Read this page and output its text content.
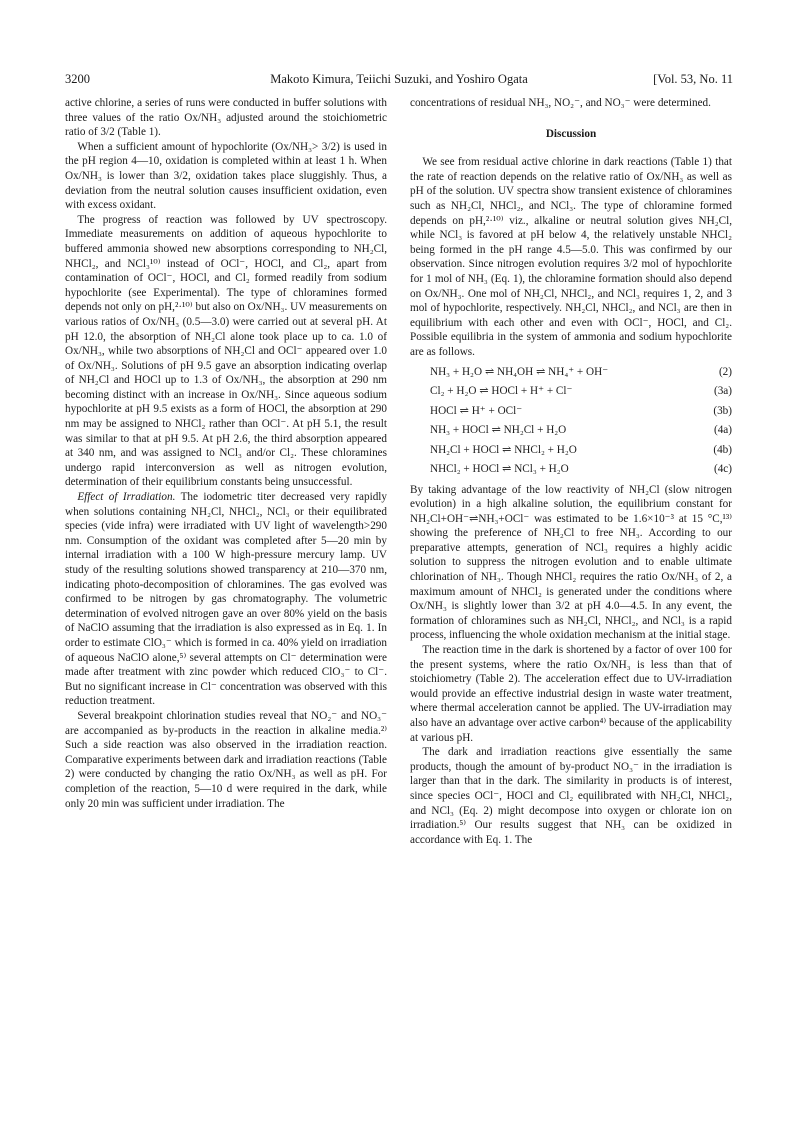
3200	Makoto Kimura, Teiichi Suzuki, and Yoshiro Ogata	[Vol. 53, No. 11

active chlorine, a series of runs were conducted in buffer solutions with three values of the ratio Ox/NH₃ adjusted around the stoichiometric ratio of 3/2 (Table 1).

When a sufficient amount of hypochlorite (Ox/NH₃> 3/2) is used in the pH region 4—10, oxidation is completed within at least 1 h. When Ox/NH₃ is lower than 3/2, oxidation takes place sluggishly. Thus, a deviation from the neutral solution causes insufficient oxidation, even with excess oxidant.

The progress of reaction was followed by UV spectroscopy. Immediate measurements on addition of aqueous hypochlorite to buffered ammonia showed new absorptions corresponding to NH₂Cl, NHCl₂, and NCl₃¹⁰⁾ instead of OCl⁻, HOCl, and Cl₂, apart from contamination of OCl⁻, HOCl, and Cl₂ formed readily from sodium hypochlorite (see Experimental). The type of chloramines formed depends not only on pH,²·¹⁰⁾ but also on Ox/NH₃. UV measurements on various ratios of Ox/NH₃ (0.5—3.0) were carried out at several pH. At pH 12.0, the absorption of NH₂Cl alone took place up to ca. 1.0 of Ox/NH₃, while two absorptions of NH₂Cl and OCl⁻ appeared over 1.0 of Ox/NH₃. Solutions of pH 9.5 gave an absorption indicating overlap of NH₂Cl and HOCl up to 1.3 of Ox/NH₃, the absorption at 290 nm becoming distinct with an increase in Ox/NH₃. Since aqueous sodium hypochlorite at pH 9.5 exists as a form of HOCl, the absorption at 290 nm may be assigned to NHCl₂ rather than OCl⁻. At pH 5.1, the result was similar to that at pH 9.5. At pH 2.6, the third absorption appeared at 340 nm, and was assigned to NCl₃ and/or Cl₂. These chloramines undergo rapid interconversion as well as nitrogen evolution, determination of their equilibrium constants being unsuccessful.

Effect of Irradiation. The iodometric titer decreased very rapidly when solutions containing NH₂Cl, NHCl₂, NCl₃ or their equilibrated species (vide infra) were irradiated with UV light of wavelength>290 nm. Consumption of the oxidant was completed after 5—20 min by internal irradiation with a 100 W high-pressure mercury lamp. UV study of the resulting solutions showed transparency at 210—370 nm, indicating photo-decomposition of chloramines. The gas evolved was confirmed to be nitrogen by gas chromatography. The volumetric determination of evolved nitrogen gave an over 80% yield on the basis of NaClO assuming that the irradiation is also expressed as in Eq. 1. In order to estimate ClO₃⁻ which is formed in ca. 40% yield on irradiation of aqueous NaClO alone,⁵⁾ several attempts on Cl⁻ determination were made after treatment with zinc powder which reduced ClO₃⁻ to Cl⁻. But no significant increase in Cl⁻ concentration was observed with this reduction treatment.

Several breakpoint chlorination studies reveal that NO₂⁻ and NO₃⁻ are accompanied as by-products in the reaction in alkaline media.²⁾ Such a side reaction was also observed in the irradiation reaction. Comparative experiments between dark and irradiation reactions (Table 2) were conducted by changing the ratio Ox/NH₃ as well as pH. For completion of the reaction, 5—10 d were required in the dark, while only 20 min was sufficient under irradiation. The

concentrations of residual NH₃, NO₂⁻, and NO₃⁻ were determined.

Discussion

We see from residual active chlorine in dark reactions (Table 1) that the rate of reaction depends on the relative ratio of Ox/NH₃ as well as pH of the solution. UV spectra show transient existence of chloramines such as NH₂Cl, NHCl₂, and NCl₃. The type of chloramine formed depends on pH,²·¹⁰⁾ viz., alkaline or neutral solution gives NH₂Cl, while NCl₃ is favored at pH below 4, the relatively unstable NHCl₂ being formed in the pH range 4.5—5.0. This was confirmed by our observation. Since nitrogen evolution requires 3/2 mol of hypochlorite for 1 mol of NH₃ (Eq. 1), the chloramine formation should also depend on Ox/NH₃. One mol of NH₂Cl, NHCl₂, and NCl₃ requires 1, 2, and 3 mol of hypochlorite, respectively. NH₂Cl, NHCl₂, and NCl₃ are then in equilibrium with each other and even with OCl⁻, HOCl, and Cl₂. Possible equilibria in the system of ammonia and sodium hypochlorite are as follows.

NH₃ + H₂O ⇌ NH₄OH ⇌ NH₄⁺ + OH⁻	(2)
Cl₂ + H₂O ⇌ HOCl + H⁺ + Cl⁻	(3a)
HOCl ⇌ H⁺ + OCl⁻	(3b)
NH₃ + HOCl ⇌ NH₂Cl + H₂O	(4a)
NH₂Cl + HOCl ⇌ NHCl₂ + H₂O	(4b)
NHCl₂ + HOCl ⇌ NCl₃ + H₂O	(4c)

By taking advantage of the low reactivity of NH₂Cl (slow nitrogen evolution) in a high alkaline solution, the equilibrium constant for NH₂Cl+OH⁻⇌NH₃+OCl⁻ was estimated to be 1.6×10⁻³ at 15 °C,¹³⁾ showing the preference of NH₂Cl to free NH₃. According to our preparative attempts, generation of NCl₃ requires a highly acidic solution to suppress the nitrogen evolution and to enable ultimate chlorination of NH₃. Though NHCl₂ requires the ratio Ox/NH₃ of 2, a maximum amount of NHCl₂ is generated under the conditions where Ox/NH₃ is slightly lower than 3/2 at pH 4.0—4.5. In any event, the formation of chloramines such as NH₂Cl, NHCl₂, and NCl₃ is a rapid process, influencing the whole oxidation mechanism at the initial stage.

The reaction time in the dark is shortened by a factor of over 100 for the present systems, where the ratio Ox/NH₃ is less than that of stoichiometry (Table 2). The acceleration effect due to UV-irradiation would provide an effective industrial design in waste water treatment, where thermal acceleration cannot be applied. The UV-irradiation may also have an advantage over active carbon⁴⁾ because of the applicability at various pH.

The dark and irradiation reactions give essentially the same products, though the amount of by-product NO₃⁻ in the irradiation is larger than that in the dark. The similarity in products is of interest, since species OCl⁻, HOCl and Cl₂ equilibrated with NH₂Cl, NHCl₂, and NCl₃ (Eq. 2) might decompose into oxygen or chlorate ion on irradiation.⁵⁾ Our results suggest that NH₃ can be oxidized in accordance with Eq. 1. The
